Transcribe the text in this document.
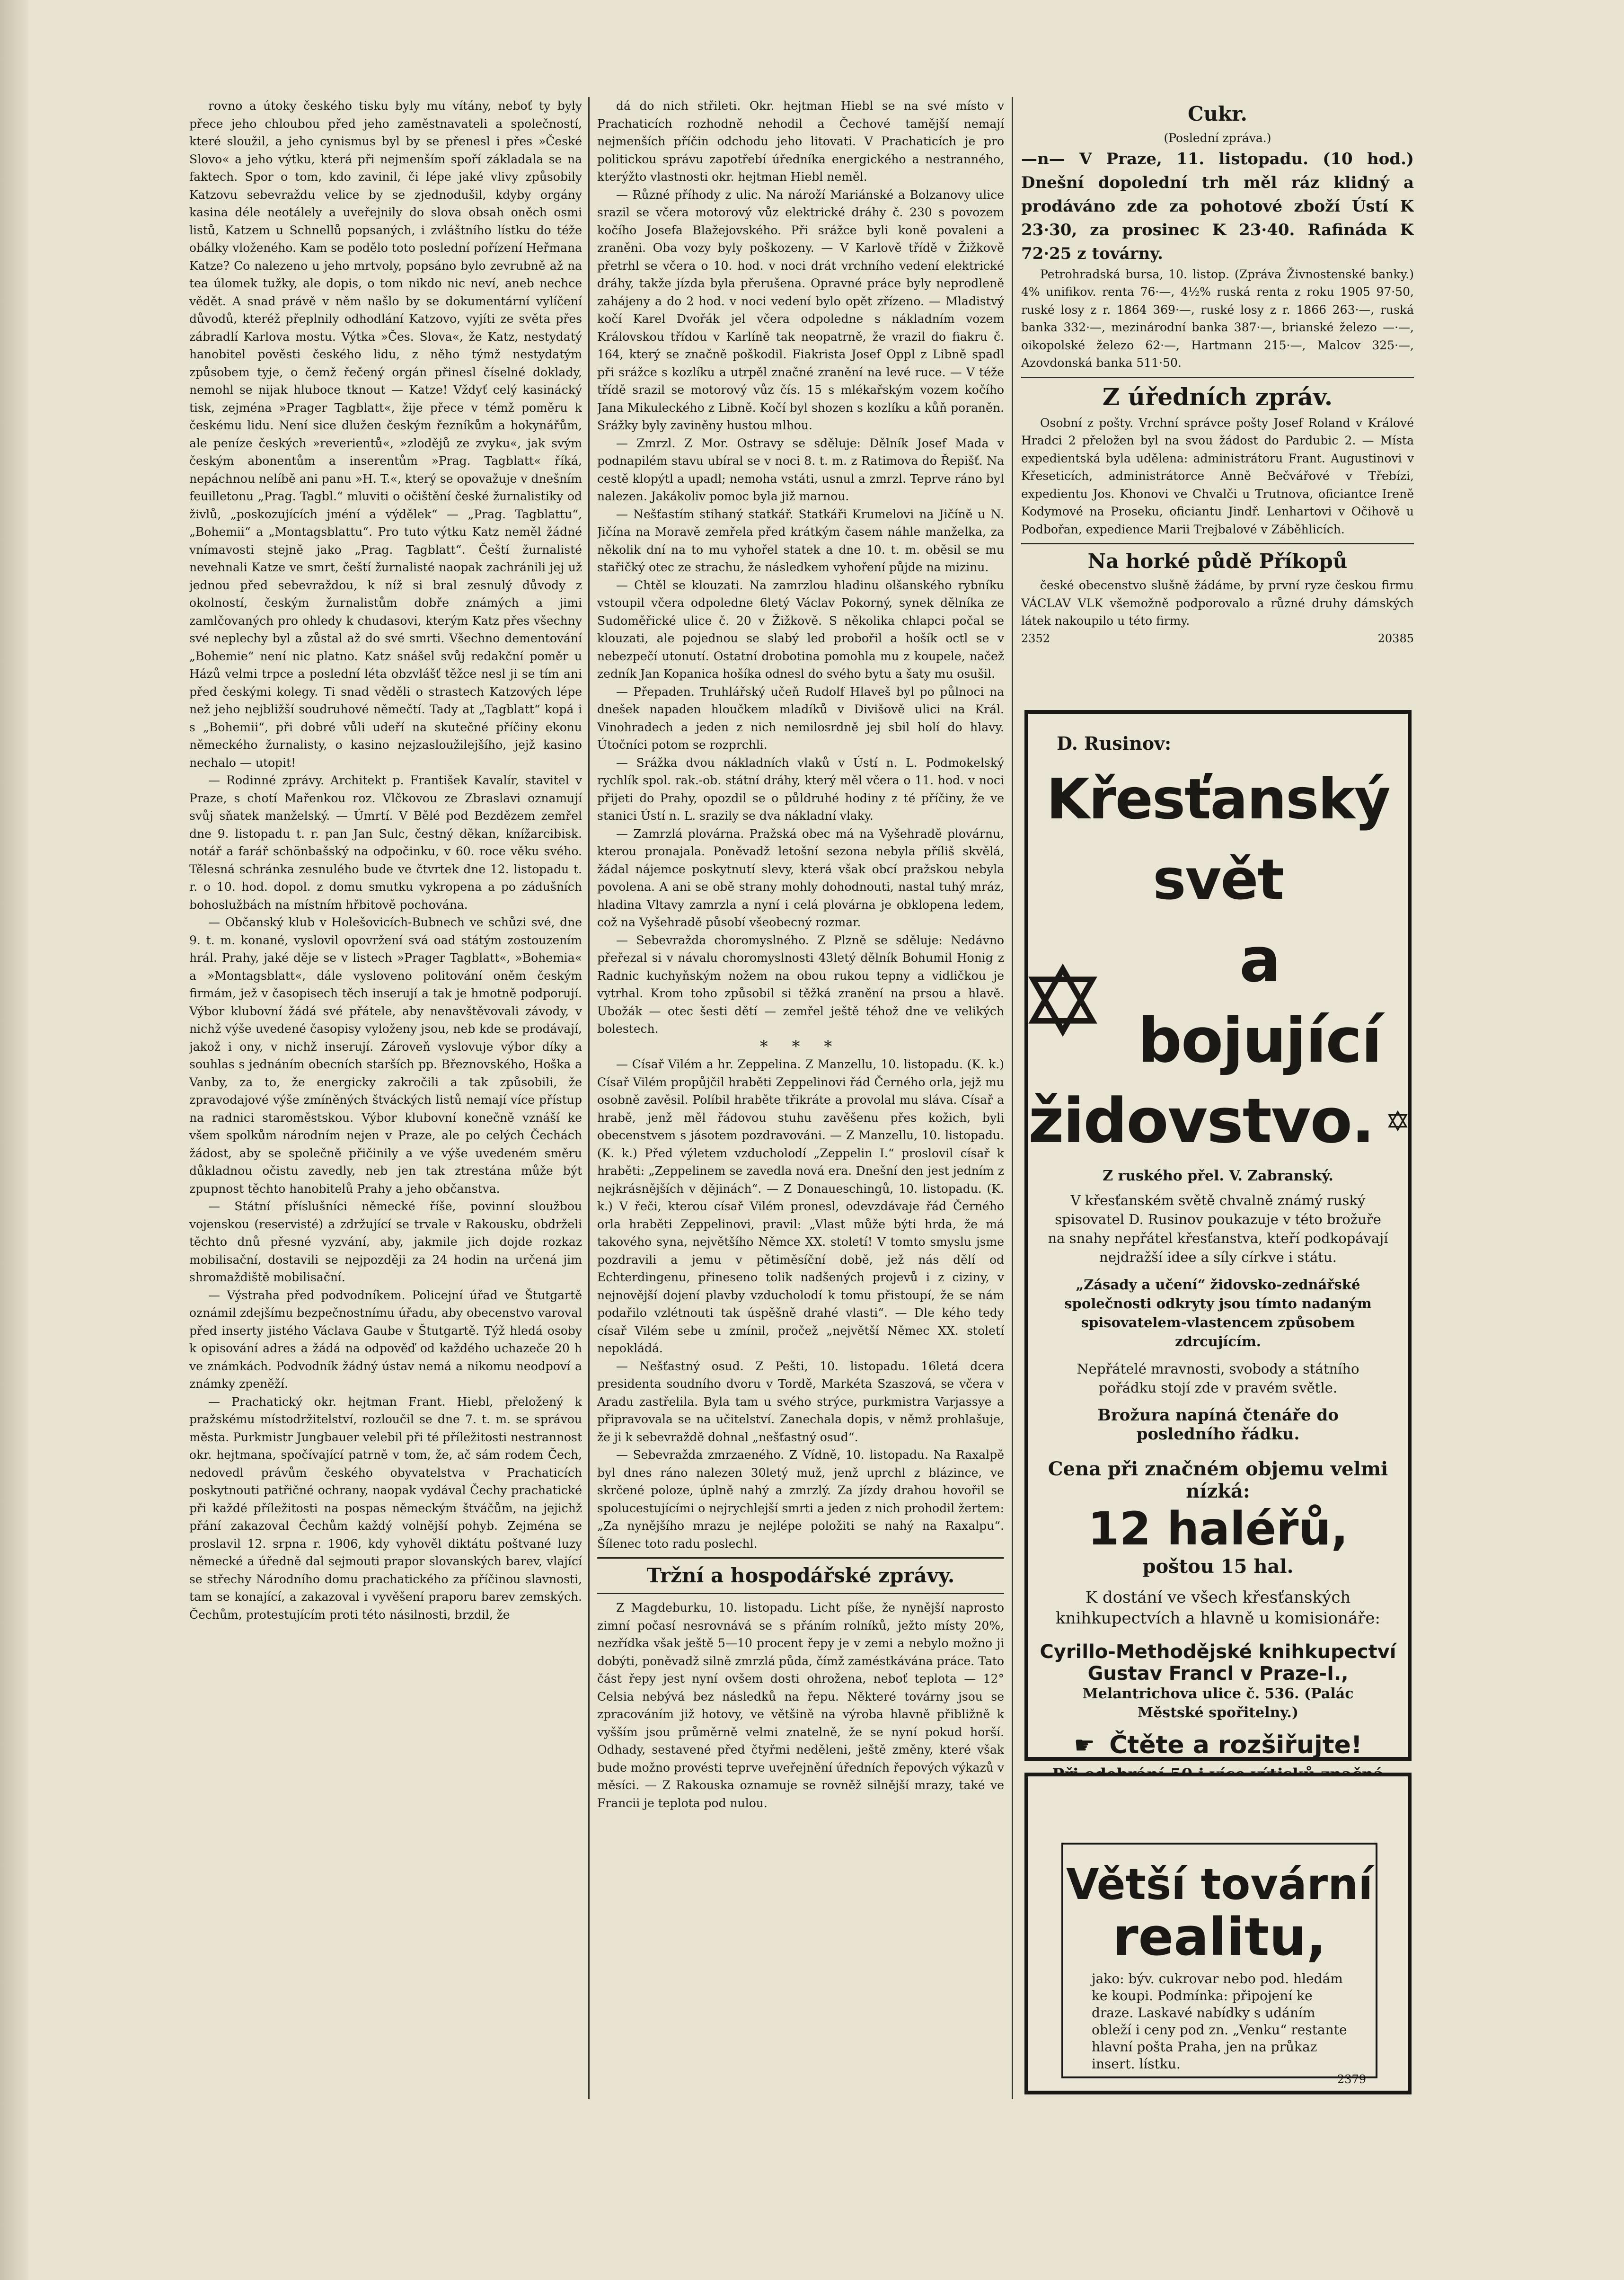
rovno a útoky českého tisku byly mu vítány, neboť ty byly přece jeho chloubou před jeho zaměstnavateli a společností, které sloužil, a jeho cynismus byl by se přenesl i přes »České Slovo« a jeho výtku, která při nejmenším spoří základala se na faktech. Spor o tom, kdo zavinil, či lépe jaké vlivy způsobily Katzovu sebevraždu velice by se zjednodušil, kdyby orgány kasina déle neotálely a uveřejnily do slova obsah oněch osmi listů, Katzem u Schnellů popsaných, i zvláštního lístku do téže obálky vloženého. Kam se podělo toto poslední pořízení Heřmana Katze? Co nalezeno u jeho mrtvoly, popsáno bylo zevrubně až na tea úlomek tužky, ale dopis, o tom nikdo nic neví, aneb nechce vědět. A snad právě v něm našlo by se dokumentární vylíčení důvodů, kteréž přeplnily odhodlání Katzovo, vyjíti ze světa přes zábradlí Karlova mostu. Výtka »Čes. Slova«, že Katz, nestydatý hanobitel pověsti českého lidu, z něho týmž nestydatým způsobem tyje, o čemž řečený orgán přinesl číselné doklady, nemohl se nijak hluboce tknout — Katze! Vždyť celý kasinácký tisk, zejména »Prager Tagblatt«, žije přece v témž poměru k českému lidu. Není sice dlužen českým řezníkům a hokynářům, ale peníze českých »reverientů«, »zlodějů ze zvyku«, jak svým českým abonentům a inserentům »Prag. Tagblatt« říká, nepáchnou nelíbě ani panu »H. T.«, který se opovažuje v dnešním feuilletonu „Prag. Tagbl.“ mluviti o očištění české žurnalistiky od živlů, „poskozujících jméní a výdělek“ — „Prag. Tagblattu“, „Bohemii“ a „Montagsblattu“. Pro tuto výtku Katz neměl žádné vnímavosti stejně jako „Prag. Tagblatt“. Čeští žurnalisté nevehnali Katze ve smrt, čeští žurnalisté naopak zachránili jej už jednou před sebevraždou, k níž si bral zesnulý důvody z okolností, českým žurnalistům dobře známých a jimi zamlčovaných pro ohledy k chudasovi, kterým Katz přes všechny své neplechy byl a zůstal až do své smrti. Všechno dementování „Bohemie“ není nic platno. Katz snášel svůj redakční poměr u Házů velmi trpce a poslední léta obzvlášť těžce nesl ji se tím ani před českými kolegy. Ti snad věděli o strastech Katzových lépe než jeho nejbližší soudruhové němečtí. Tady at „Tagblatt“ kopá i s „Bohemii“, při dobré vůli udeří na skutečné příčiny ekonu německého žurnalisty, o kasino nejzasloužilejšího, jejž kasino nechalo — utopit!

— Rodinné zprávy. Architekt p. František Kavalír, stavitel v Praze, s chotí Mařenkou roz. Vlčkovou ze Zbraslavi oznamují svůj sňatek manželský. — Úmrtí. V Bělé pod Bezdězem zemřel dne 9. listopadu t. r. pan Jan Sulc, čestný děkan, knížarcibisk. notář a farář schönbašský na odpočinku, v 60. roce věku svého. Tělesná schránka zesnulého bude ve čtvrtek dne 12. listopadu t. r. o 10. hod. dopol. z domu smutku vykropena a po zádušních bohoslužbách na místním hřbitově pochována.

— Občanský klub v Holešovicích-Bubnech ve schůzi své, dne 9. t. m. konané, vyslovil opovržení svá oad státým zostouzením hrál. Prahy, jaké děje se v listech »Prager Tagblatt«, »Bohemia« a »Montagsblatt«, dále vysloveno politování oněm českým firmám, jež v časopisech těch inserují a tak je hmotně podporují. Výbor klubovní žádá své přátele, aby nenavštěvovali závody, v nichž výše uvedené časopisy vyloženy jsou, neb kde se prodávají, jakož i ony, v nichž inserují. Zároveň vyslovuje výbor díky a souhlas s jednáním obecních starších pp. Březnovského, Hoška a Vanby, za to, že energicky zakročili a tak způsobili, že zpravodajové výše zmíněných štváckých listů nemají více přístup na radnici staroměstskou. Výbor klubovní konečně vznáší ke všem spolkům národním nejen v Praze, ale po celých Čechách žádost, aby se společně přičinily a ve výše uvedeném směru důkladnou očistu zavedly, neb jen tak ztrestána může být zpupnost těchto hanobitelů Prahy a jeho občanstva.

— Státní příslušníci německé říše, povinní sloužbou vojenskou (reservisté) a zdržující se trvale v Rakousku, obdrželi těchto dnů přesné vyzvání, aby, jakmile jich dojde rozkaz mobilisační, dostavili se nejpozději za 24 hodin na určená jim shromaždiště mobilisační.

— Výstraha před podvodníkem. Policejní úřad ve Štutgartě oznámil zdejšímu bezpečnostnímu úřadu, aby obecenstvo varoval před inserty jistého Václava Gaube v Štutgartě. Týž hledá osoby k opisování adres a žádá na odpověď od každého uchazeče 20 h ve známkách. Podvodník žádný ústav nemá a nikomu neodpoví a známky zpeněží.

— Prachatický okr. hejtman Frant. Hiebl, přeložený k pražskému místodržitelství, rozloučil se dne 7. t. m. se správou města. Purkmistr Jungbauer velebil při té příležitosti nestrannost okr. hejtmana, spočívající patrně v tom, že, ač sám rodem Čech, nedovedl právům českého obyvatelstva v Prachaticích poskytnouti patřičné ochrany, naopak vydával Čechy prachatické při každé příležitosti na pospas německým štváčům, na jejichž přání zakazoval Čechům každý volnější pohyb. Zejména se proslavil 12. srpna r. 1906, kdy vyhověl diktátu poštvané luzy německé a úředně dal sejmouti prapor slovanských barev, vlající se střechy Národního domu prachatického za příčinou slavnosti, tam se konající, a zakazoval i vyvěšení praporu barev zemských. Čechům, protestujícím proti této násilnosti, brzdil, že

dá do nich střileti. Okr. hejtman Hiebl se na své místo v Prachaticích rozhodně nehodil a Čechové tamější nemají nejmenších příčin odchodu jeho litovati. V Prachaticích je pro politickou správu zapotřebí úředníka energického a nestranného, kterýžto vlastnosti okr. hejtman Hiebl neměl.

— Různé příhody z ulic. Na nároží Mariánské a Bolzanovy ulice srazil se včera motorový vůz elektrické dráhy č. 230 s povozem kočího Josefa Blažejovského. Při srážce byli koně povaleni a zraněni. Oba vozy byly poškozeny. — V Karlově třídě v Žižkově přetrhl se včera o 10. hod. v noci drát vrchního vedení elektrické dráhy, takže jízda byla přerušena. Opravné práce byly neprodleně zahájeny a do 2 hod. v noci vedení bylo opět zřízeno. — Mladistvý kočí Karel Dvořák jel včera odpoledne s nákladním vozem Královskou třídou v Karlíně tak neopatrně, že vrazil do fiakru č. 164, který se značně poškodil. Fiakrista Josef Oppl z Libně spadl při srážce s kozlíku a utrpěl značné zranění na levé ruce. — V téže třídě srazil se motorový vůz čís. 15 s mlékařským vozem kočího Jana Mikuleckého z Libně. Kočí byl shozen s kozlíku a kůň poraněn. Srážky byly zaviněny hustou mlhou.

— Zmrzl. Z Mor. Ostravy se sděluje: Dělník Josef Mada v podnapilém stavu ubíral se v noci 8. t. m. z Ratimova do Řepišť. Na cestě klopýtl a upadl; nemoha vstáti, usnul a zmrzl. Teprve ráno byl nalezen. Jakákoliv pomoc byla již marnou.

— Nešťastím stihaný statkář. Statkáři Krumelovi na Jičíně u N. Jičína na Moravě zemřela před krátkým časem náhle manželka, za několik dní na to mu vyhořel statek a dne 10. t. m. oběsil se mu stařičký otec ze strachu, že následkem vyhoření půjde na mizinu.

— Chtěl se klouzati. Na zamrzlou hladinu olšanského rybníku vstoupil včera odpoledne 6letý Václav Pokorný, synek dělníka ze Sudoměřické ulice č. 20 v Žižkově. S několika chlapci počal se klouzati, ale pojednou se slabý led probořil a hošík octl se v nebezpečí utonutí. Ostatní drobotina pomohla mu z koupele, načež zedník Jan Kopanica hošíka odnesl do svého bytu a šaty mu osušil.

— Přepaden. Truhlářský učeň Rudolf Hlaveš byl po půlnoci na dnešek napaden hloučkem mladíků v Divišově ulici na Král. Vinohradech a jeden z nich nemilosrdně jej sbil holí do hlavy. Útočníci potom se rozprchli.

— Srážka dvou nákladních vlaků v Ústí n. L. Podmokelský rychlík spol. rak.-ob. státní dráhy, který měl včera o 11. hod. v noci přijeti do Prahy, opozdil se o půldruhé hodiny z té příčiny, že ve stanici Ústí n. L. srazily se dva nákladní vlaky.

— Zamrzlá plovárna. Pražská obec má na Vyšehradě plovárnu, kterou pronajala. Poněvadž letošní sezona nebyla příliš skvělá, žádal nájemce poskytnutí slevy, která však obcí pražskou nebyla povolena. A ani se obě strany mohly dohodnouti, nastal tuhý mráz, hladina Vltavy zamrzla a nyní i celá plovárna je obklopena ledem, což na Vyšehradě působí všeobecný rozmar.

— Sebevražda choromyslného. Z Plzně se sděluje: Nedávno přeřezal si v návalu choromyslnosti 43letý dělník Bohumil Honig z Radnic kuchyňským nožem na obou rukou tepny a vidličkou je vytrhal. Krom toho způsobil si těžká zranění na prsou a hlavě. Ubožák — otec šesti dětí — zemřel ještě téhož dne ve velikých bolestech.

* * *

— Císař Vilém a hr. Zeppelina. Z Manzellu, 10. listopadu. (K. k.) Císař Vilém propůjčil hraběti Zeppelinovi řád Černého orla, jejž mu osobně zavěsil. Políbil hraběte třikráte a provolal mu sláva. Císař a hrabě, jenž měl řádovou stuhu zavěšenu přes kožich, byli obecenstvem s jásotem pozdravováni. — Z Manzellu, 10. listopadu. (K. k.) Před výletem vzducholodí „Zeppelin I.“ proslovil císař k hraběti: „Zeppelinem se zavedla nová era. Dnešní den jest jedním z nejkrásnějších v dějinách“. — Z Donaueschingů, 10. listopadu. (K. k.) V řeči, kterou císař Vilém pronesl, odevzdávaje řád Černého orla hraběti Zeppelinovi, pravil: „Vlast může býti hrda, že má takového syna, největšího Němce XX. století! V tomto smyslu jsme pozdravili a jemu v pětiměsíční době, jež nás dělí od Echterdingenu, přineseno tolik nadšených projevů i z ciziny, v nejnovější dojení plavby vzducholodí k tomu přistoupí, že se nám podařilo vzlétnouti tak úspěšně drahé vlasti“. — Dle kého tedy císař Vilém sebe u zmínil, pročež „největší Němec XX. století nepokládá.

— Nešťastný osud. Z Pešti, 10. listopadu. 16letá dcera presidenta soudního dvoru v Tordě, Markéta Szaszová, se včera v Aradu zastřelila. Byla tam u svého strýce, purkmistra Varjassye a připravovala se na učitelství. Zanechala dopis, v němž prohlašuje, že ji k sebevraždě dohnal „nešťastný osud“.

— Sebevražda zmrzaeného. Z Vídně, 10. listopadu. Na Raxalpě byl dnes ráno nalezen 30letý muž, jenž uprchl z blázince, ve skrčené poloze, úplně nahý a zmrzlý. Za jízdy drahou hovořil se spolucestujícími o nejrychlejší smrti a jeden z nich prohodil žertem: „Za nynějšího mrazu je nejlépe položiti se nahý na Raxalpu“. Šílenec toto radu poslechl.

Tržní a hospodářské zprávy.

Z Magdeburku, 10. listopadu. Licht píše, že nynější naprosto zimní počasí nesrovnává se s přáním rolníků, ježto místy 20%, nezřídka však ještě 5—10 procent řepy je v zemi a nebylo možno ji dobýti, poněvadž silně zmrzlá půda, čímž zaméstkávána práce. Tato část řepy jest nyní ovšem dosti ohrožena, neboť teplota — 12° Celsia nebývá bez následků na řepu. Některé továrny jsou se zpracováním již hotovy, ve většině na výroba hlavně přibližně k vyšším jsou průměrně velmi znatelně, že se nyní pokud horší. Odhady, sestavené před čtyřmi neděleni, ještě změny, které však bude možno provésti teprve uveřejnění úředních řepových výkazů v měsíci. — Z Rakouska oznamuje se rovněž silnější mrazy, také ve Francii je teplota pod nulou.

Cukr.
(Poslední zpráva.)
—n— V Praze, 11. listopadu. (10 hod.) Dnešní dopolední trh měl ráz klidný a prodáváno zde za pohotové zboží Ústí K 23·30, za prosinec K 23·40. Rafináda K 72·25 z továrny.

Petrohradská bursa, 10. listop. (Zpráva Živnostenské banky.) 4% unifikov. renta 76·—, 4½% ruská renta z roku 1905 97·50, ruské losy z r. 1864 369·—, ruské losy z r. 1866 263·—, ruská banka 332·—, mezinárodní banka 387·—, brianské železo —·—, oikopolské železo 62·—, Hartmann 215·—, Malcov 325·—, Azovdonská banka 511·50.

Z úředních zpráv.

Osobní z pošty. Vrchní správce pošty Josef Roland v Králové Hradci 2 přeložen byl na svou žádost do Pardubic 2. — Místa expedientská byla udělena: administrátoru Frant. Augustinovi v Křeseticích, administrátorce Anně Bečvářové v Třebízi, expedientu Jos. Khonovi ve Chvalči u Trutnova, oficiantce Ireně Kodymové na Proseku, oficiantu Jindř. Lenhartovi v Očihově u Podbořan, expedience Marii Trejbalové v Záběhlicích.

Na horké půdě Příkopů

české obecenstvo slušně žádáme, by první ryze českou firmu VÁCLAV VLK všemožně podporovalo a různé druhy dámských látek nakoupilo u této firmy.

2352	20385
D. Rusinov:
Křesťanský svět
a bojující
židovstvo.
Z ruského přel. V. Zabranský.
V křesťanském světě chvalně známý ruský spisovatel D. Rusinov poukazuje v této brožuře na snahy nepřátel křesťanstva, kteří podkopávají nejdražší idee a síly církve i státu.
„Zásady a učení“ židovsko-zednářské společnosti odkryty jsou tímto nadaným spisovatelem-vlastencem způsobem zdrcujícím.
Nepřátelé mravnosti, svobody a státního pořádku stojí zde v pravém světle.
Brožura napíná čtenáře do posledního řádku.
Cena při značném objemu velmi nízká:
12 haléřů,
poštou 15 hal.
K dostání ve všech křesťanských knihkupectvích a hlavně u komisionáře:
Cyrillo-Methodějské knihkupectví
Gustav Francl v Praze-I.,
Melantrichova ulice č. 536. (Palác Městské spořitelny.)
☛ Čtěte a rozšiřujte!
Větší tovární
realitu,
jako: býv. cukrovar nebo pod. hledám ke koupi. Podmínka: připojení ke draze. Laskavé nabídky s udáním obleží i ceny pod zn. „Venku“ restante hlavní pošta Praha, jen na průkaz insert. lístku.
2379
